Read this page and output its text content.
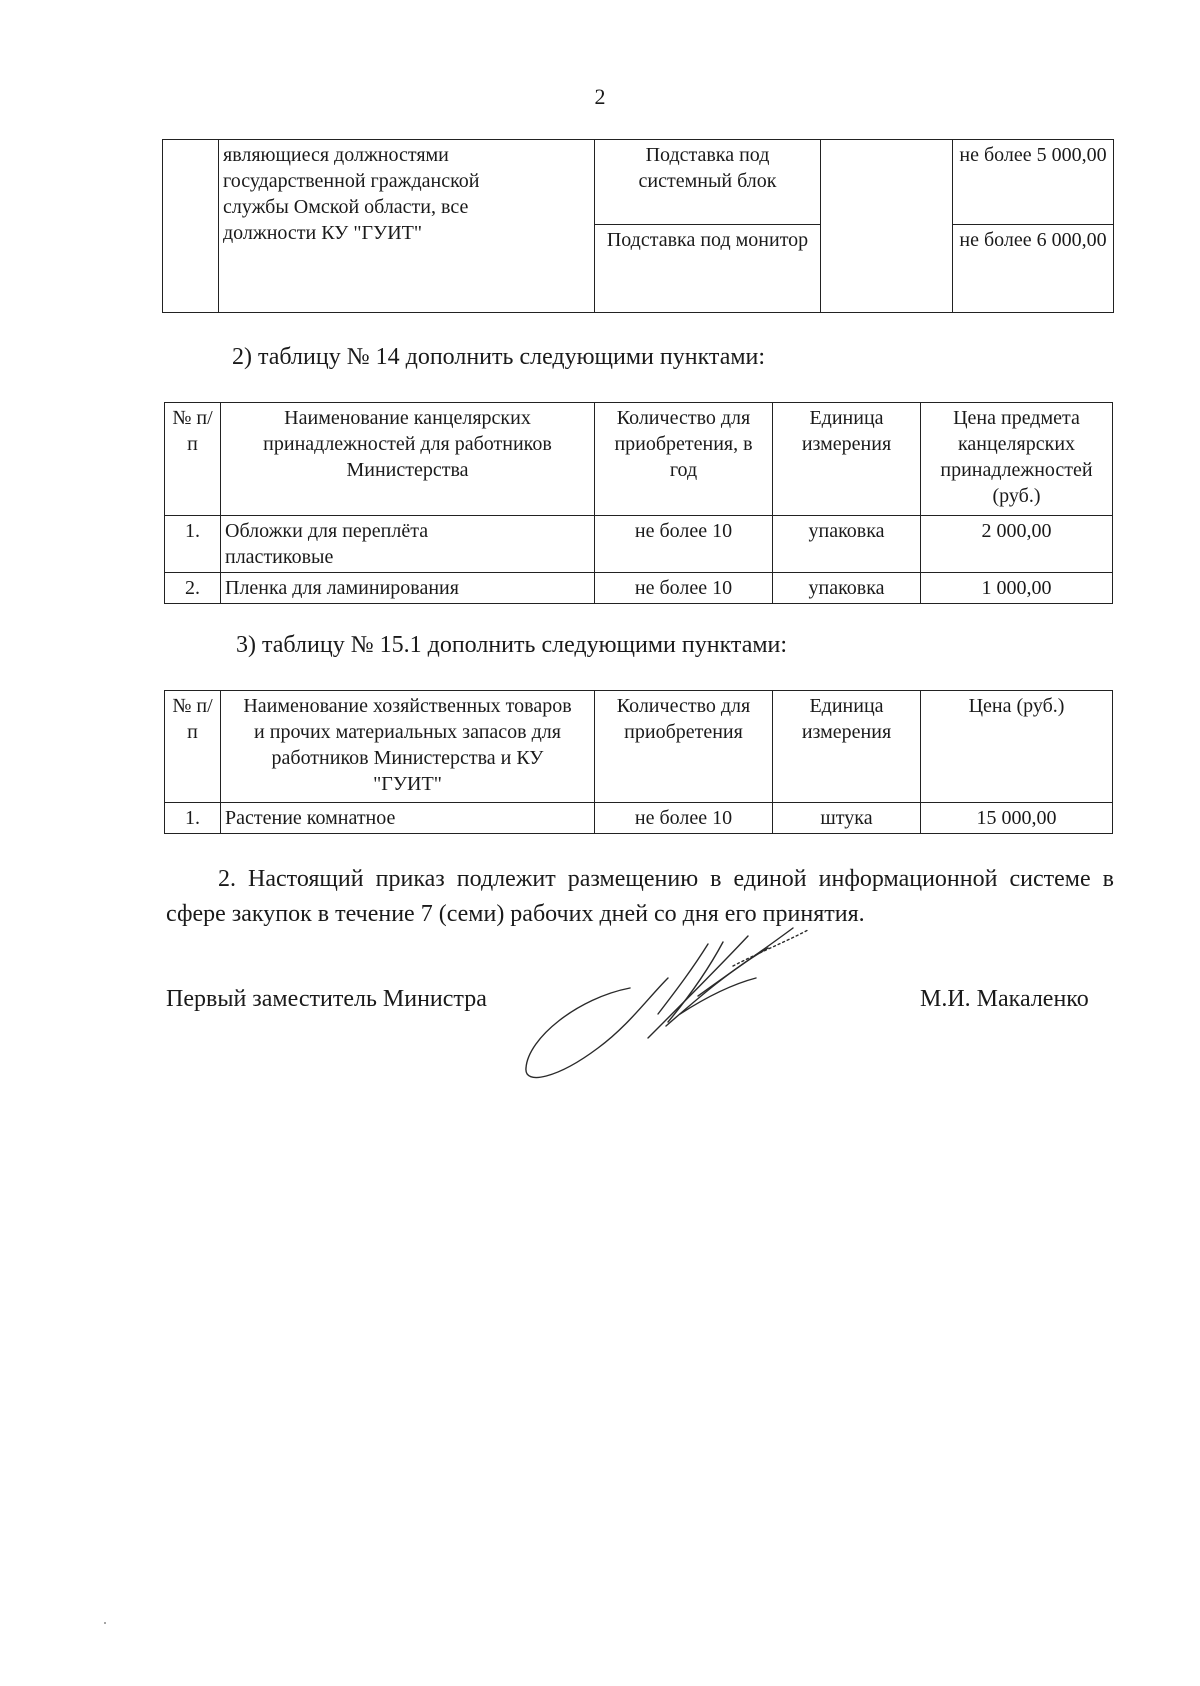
2
	являющиеся должностями государственной гражданской службы Омской области, все должности КУ "ГУИТ"	Подставка под системный блок		не более 5 000,00
		Подставка под монитор		не более 6 000,00
2) таблицу № 14 дополнить следующими пунктами:
№ п/п	Наименование канцелярских принадлежностей для работников Министерства	Количество для приобретения, в год	Единица измерения	Цена предмета канцелярских принадлежностей (руб.)
1.	Обложки для переплёта пластиковые	не более 10	упаковка	2 000,00
2.	Пленка для ламинирования	не более 10	упаковка	1 000,00
3) таблицу № 15.1 дополнить следующими пунктами:
№ п/п	Наименование хозяйственных товаров и прочих материальных запасов для работников Министерства и КУ "ГУИТ"	Количество для приобретения	Единица измерения	Цена (руб.)
1.	Растение комнатное	не более 10	штука	15 000,00
2. Настоящий приказ подлежит размещению в единой информационной системе в сфере закупок в течение 7 (семи) рабочих дней со дня его принятия.
Первый заместитель Министра	М.И. Макаленко
